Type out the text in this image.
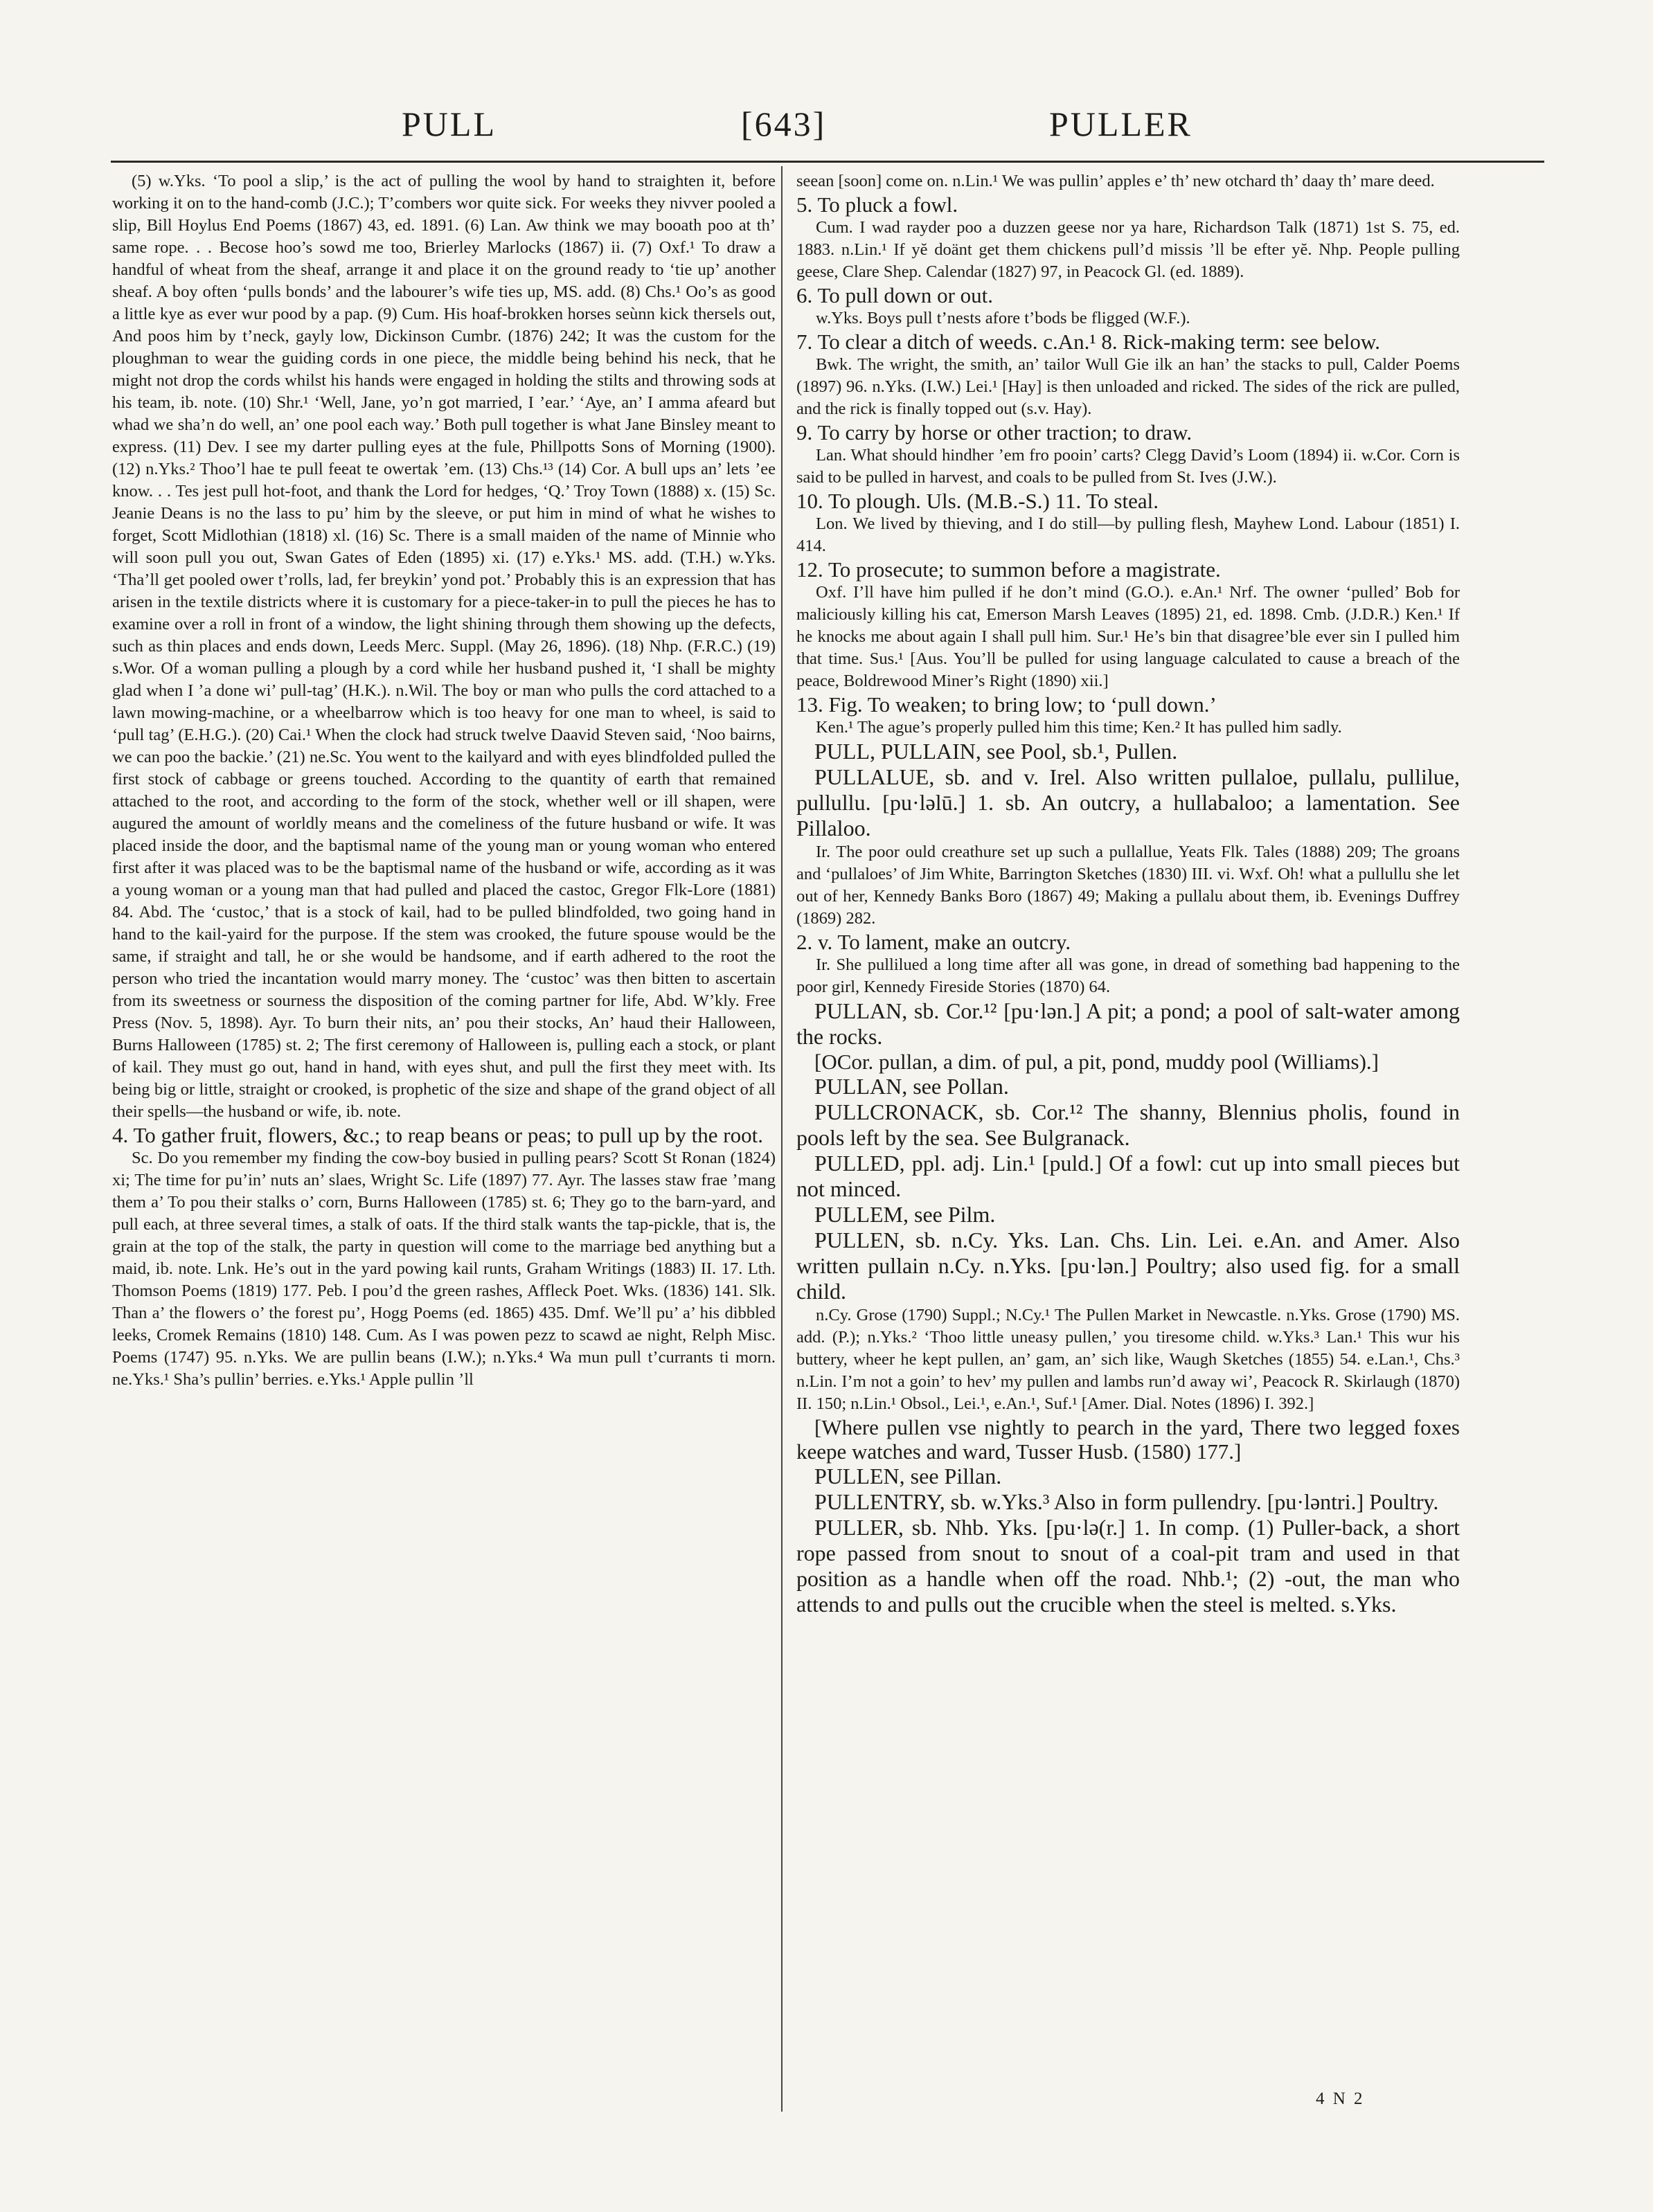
PULL	[643]	PULLER

(5) w.Yks. ‘To pool a slip,’ is the act of pulling the wool by hand to straighten it, before working it on to the hand-comb (J.C.); T’combers wor quite sick. For weeks they nivver pooled a slip, Bill Hoylus End Poems (1867) 43, ed. 1891. (6) Lan. Aw think we may booath poo at th’ same rope. . . Becose hoo’s sowd me too, Brierley Marlocks (1867) ii. (7) Oxf.¹ To draw a handful of wheat from the sheaf, arrange it and place it on the ground ready to ‘tie up’ another sheaf. A boy often ‘pulls bonds’ and the labourer’s wife ties up, MS. add. (8) Chs.¹ Oo’s as good a little kye as ever wur pood by a pap. (9) Cum. His hoaf-brokken horses seùnn kick thersels out, And poos him by t’neck, gayly low, Dickinson Cumbr. (1876) 242; It was the custom for the ploughman to wear the guiding cords in one piece, the middle being behind his neck, that he might not drop the cords whilst his hands were engaged in holding the stilts and throwing sods at his team, ib. note. (10) Shr.¹ ‘Well, Jane, yo’n got married, I ’ear.’ ‘Aye, an’ I amma afeard but whad we sha’n do well, an’ one pool each way.’ Both pull together is what Jane Binsley meant to express. (11) Dev. I see my darter pulling eyes at the fule, Phillpotts Sons of Morning (1900). (12) n.Yks.² Thoo’l hae te pull feeat te owertak ’em. (13) Chs.¹³ (14) Cor. A bull ups an’ lets ’ee know. . . Tes jest pull hot-foot, and thank the Lord for hedges, ‘Q.’ Troy Town (1888) x. (15) Sc. Jeanie Deans is no the lass to pu’ him by the sleeve, or put him in mind of what he wishes to forget, Scott Midlothian (1818) xl. (16) Sc. There is a small maiden of the name of Minnie who will soon pull you out, Swan Gates of Eden (1895) xi. (17) e.Yks.¹ MS. add. (T.H.) w.Yks. ‘Tha’ll get pooled ower t’rolls, lad, fer breykin’ yond pot.’ Probably this is an expression that has arisen in the textile districts where it is customary for a piece-taker-in to pull the pieces he has to examine over a roll in front of a window, the light shining through them showing up the defects, such as thin places and ends down, Leeds Merc. Suppl. (May 26, 1896). (18) Nhp. (F.R.C.) (19) s.Wor. Of a woman pulling a plough by a cord while her husband pushed it, ‘I shall be mighty glad when I ’a done wi’ pull-tag’ (H.K.). n.Wil. The boy or man who pulls the cord attached to a lawn mowing-machine, or a wheelbarrow which is too heavy for one man to wheel, is said to ‘pull tag’ (E.H.G.). (20) Cai.¹ When the clock had struck twelve Daavid Steven said, ‘Noo bairns, we can poo the backie.’ (21) ne.Sc. You went to the kailyard and with eyes blindfolded pulled the first stock of cabbage or greens touched. According to the quantity of earth that remained attached to the root, and according to the form of the stock, whether well or ill shapen, were augured the amount of worldly means and the comeliness of the future husband or wife. It was placed inside the door, and the baptismal name of the young man or young woman who entered first after it was placed was to be the baptismal name of the husband or wife, according as it was a young woman or a young man that had pulled and placed the castoc, Gregor Flk-Lore (1881) 84. Abd. The ‘custoc,’ that is a stock of kail, had to be pulled blindfolded, two going hand in hand to the kail-yaird for the purpose. If the stem was crooked, the future spouse would be the same, if straight and tall, he or she would be handsome, and if earth adhered to the root the person who tried the incantation would marry money. The ‘custoc’ was then bitten to ascertain from its sweetness or sourness the disposition of the coming partner for life, Abd. W’kly. Free Press (Nov. 5, 1898). Ayr. To burn their nits, an’ pou their stocks, An’ haud their Halloween, Burns Halloween (1785) st. 2; The first ceremony of Halloween is, pulling each a stock, or plant of kail. They must go out, hand in hand, with eyes shut, and pull the first they meet with. Its being big or little, straight or crooked, is prophetic of the size and shape of the grand object of all their spells—the husband or wife, ib. note.

4. To gather fruit, flowers, &c.; to reap beans or peas; to pull up by the root.

Sc. Do you remember my finding the cow-boy busied in pulling pears? Scott St Ronan (1824) xi; The time for pu’in’ nuts an’ slaes, Wright Sc. Life (1897) 77. Ayr. The lasses staw frae ’mang them a’ To pou their stalks o’ corn, Burns Halloween (1785) st. 6; They go to the barn-yard, and pull each, at three several times, a stalk of oats. If the third stalk wants the tap-pickle, that is, the grain at the top of the stalk, the party in question will come to the marriage bed anything but a maid, ib. note. Lnk. He’s out in the yard powing kail runts, Graham Writings (1883) II. 17. Lth. Thomson Poems (1819) 177. Peb. I pou’d the green rashes, Affleck Poet. Wks. (1836) 141. Slk. Than a’ the flowers o’ the forest pu’, Hogg Poems (ed. 1865) 435. Dmf. We’ll pu’ a’ his dibbled leeks, Cromek Remains (1810) 148. Cum. As I was powen pezz to scawd ae night, Relph Misc. Poems (1747) 95. n.Yks. We are pullin beans (I.W.); n.Yks.⁴ Wa mun pull t’currants ti morn. ne.Yks.¹ Sha’s pullin’ berries. e.Yks.¹ Apple pullin ’ll

seean [soon] come on. n.Lin.¹ We was pullin’ apples e’ th’ new otchard th’ daay th’ mare deed.

5. To pluck a fowl.

Cum. I wad rayder poo a duzzen geese nor ya hare, Richardson Talk (1871) 1st S. 75, ed. 1883. n.Lin.¹ If yĕ doänt get them chickens pull’d missis ’ll be efter yĕ. Nhp. People pulling geese, Clare Shep. Calendar (1827) 97, in Peacock Gl. (ed. 1889).

6. To pull down or out.

w.Yks. Boys pull t’nests afore t’bods be fligged (W.F.).

7. To clear a ditch of weeds. c.An.¹ 8. Rick-making term: see below.

Bwk. The wright, the smith, an’ tailor Wull Gie ilk an han’ the stacks to pull, Calder Poems (1897) 96. n.Yks. (I.W.) Lei.¹ [Hay] is then unloaded and ricked. The sides of the rick are pulled, and the rick is finally topped out (s.v. Hay).

9. To carry by horse or other traction; to draw.

Lan. What should hindher ’em fro pooin’ carts? Clegg David’s Loom (1894) ii. w.Cor. Corn is said to be pulled in harvest, and coals to be pulled from St. Ives (J.W.).

10. To plough. Uls. (M.B.-S.) 11. To steal.

Lon. We lived by thieving, and I do still—by pulling flesh, Mayhew Lond. Labour (1851) I. 414.

12. To prosecute; to summon before a magistrate.

Oxf. I’ll have him pulled if he don’t mind (G.O.). e.An.¹ Nrf. The owner ‘pulled’ Bob for maliciously killing his cat, Emerson Marsh Leaves (1895) 21, ed. 1898. Cmb. (J.D.R.) Ken.¹ If he knocks me about again I shall pull him. Sur.¹ He’s bin that disagree’ble ever sin I pulled him that time. Sus.¹ [Aus. You’ll be pulled for using language calculated to cause a breach of the peace, Boldrewood Miner’s Right (1890) xii.]

13. Fig. To weaken; to bring low; to ‘pull down.’

Ken.¹ The ague’s properly pulled him this time; Ken.² It has pulled him sadly.

PULL, PULLAIN, see Pool, sb.¹, Pullen.

PULLALUE, sb. and v. Irel. Also written pullaloe, pullalu, pullilue, pullullu. [pu·ləlū.] 1. sb. An outcry, a hullabaloo; a lamentation. See Pillaloo.

Ir. The poor ould creathure set up such a pullallue, Yeats Flk. Tales (1888) 209; The groans and ‘pullaloes’ of Jim White, Barrington Sketches (1830) III. vi. Wxf. Oh! what a pullullu she let out of her, Kennedy Banks Boro (1867) 49; Making a pullalu about them, ib. Evenings Duffrey (1869) 282.

2. v. To lament, make an outcry.

Ir. She pullilued a long time after all was gone, in dread of something bad happening to the poor girl, Kennedy Fireside Stories (1870) 64.

PULLAN, sb. Cor.¹² [pu·lən.] A pit; a pond; a pool of salt-water among the rocks.

[OCor. pullan, a dim. of pul, a pit, pond, muddy pool (Williams).]

PULLAN, see Pollan.

PULLCRONACK, sb. Cor.¹² The shanny, Blennius pholis, found in pools left by the sea. See Bulgranack.

PULLED, ppl. adj. Lin.¹ [puld.] Of a fowl: cut up into small pieces but not minced.

PULLEM, see Pilm.

PULLEN, sb. n.Cy. Yks. Lan. Chs. Lin. Lei. e.An. and Amer. Also written pullain n.Cy. n.Yks. [pu·lən.] Poultry; also used fig. for a small child.

n.Cy. Grose (1790) Suppl.; N.Cy.¹ The Pullen Market in Newcastle. n.Yks. Grose (1790) MS. add. (P.); n.Yks.² ‘Thoo little uneasy pullen,’ you tiresome child. w.Yks.³ Lan.¹ This wur his buttery, wheer he kept pullen, an’ gam, an’ sich like, Waugh Sketches (1855) 54. e.Lan.¹, Chs.³ n.Lin. I’m not a goin’ to hev’ my pullen and lambs run’d away wi’, Peacock R. Skirlaugh (1870) II. 150; n.Lin.¹ Obsol., Lei.¹, e.An.¹, Suf.¹ [Amer. Dial. Notes (1896) I. 392.]

[Where pullen vse nightly to pearch in the yard, There two legged foxes keepe watches and ward, Tusser Husb. (1580) 177.]

PULLEN, see Pillan.

PULLENTRY, sb. w.Yks.³ Also in form pullendry. [pu·ləntri.] Poultry.

PULLER, sb. Nhb. Yks. [pu·lə(r.] 1. In comp. (1) Puller-back, a short rope passed from snout to snout of a coal-pit tram and used in that position as a handle when off the road. Nhb.¹; (2) -out, the man who attends to and pulls out the crucible when the steel is melted. s.Yks.

4 N 2
